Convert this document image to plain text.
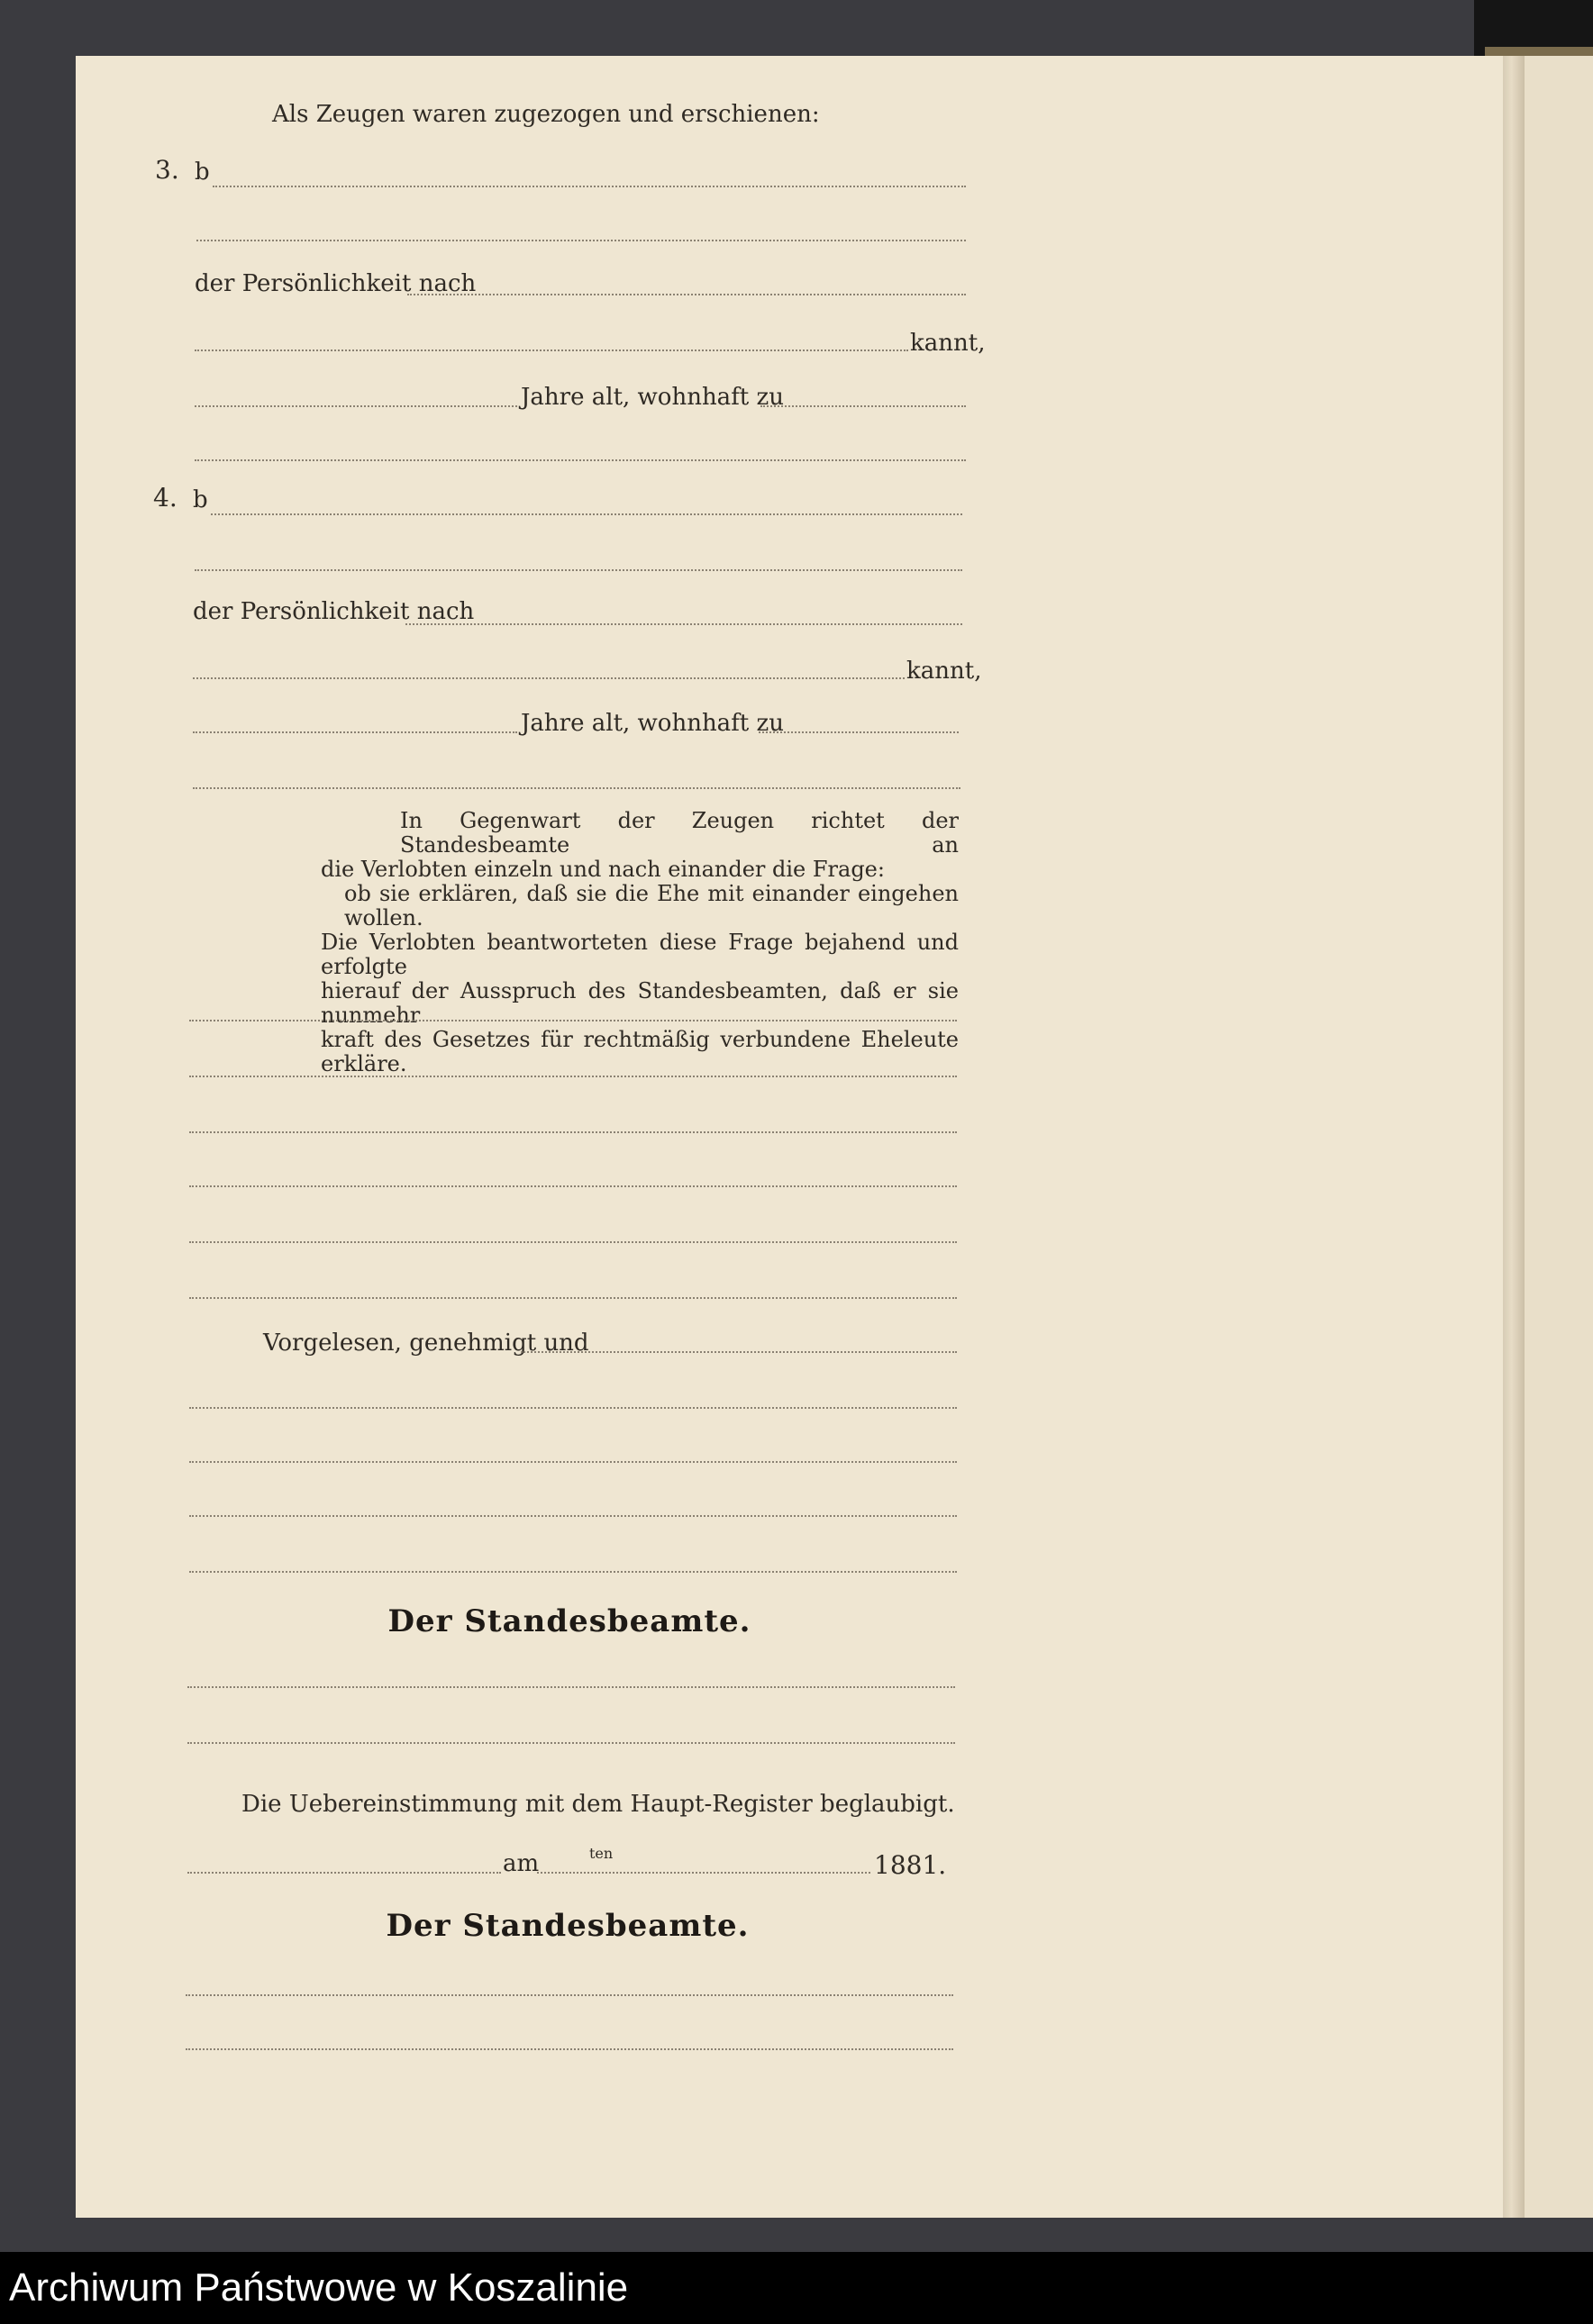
Als Zeugen waren zugezogen und erschienen:
3. b
der Persönlichkeit nach
kannt,
Jahre alt, wohnhaft zu
4. b
der Persönlichkeit nach
kannt,
Jahre alt, wohnhaft zu

In Gegenwart der Zeugen richtet der Standesbeamte an

die Verlobten einzeln und nach einander die Frage:

ob sie erklären, daß sie die Ehe mit einander eingehen wollen.

Die Verlobten beantworteten diese Frage bejahend und erfolgte

hierauf der Ausspruch des Standesbeamten, daß er sie nunmehr

kraft des Gesetzes für rechtmäßig verbundene Eheleute erkläre.

Vorgelesen, genehmigt und
Der Standesbeamte.
Die Uebereinstimmung mit dem Haupt-Register beglaubigt.
am	ten	1881.
Der Standesbeamte.
Archiwum Państwowe w Koszalinie
